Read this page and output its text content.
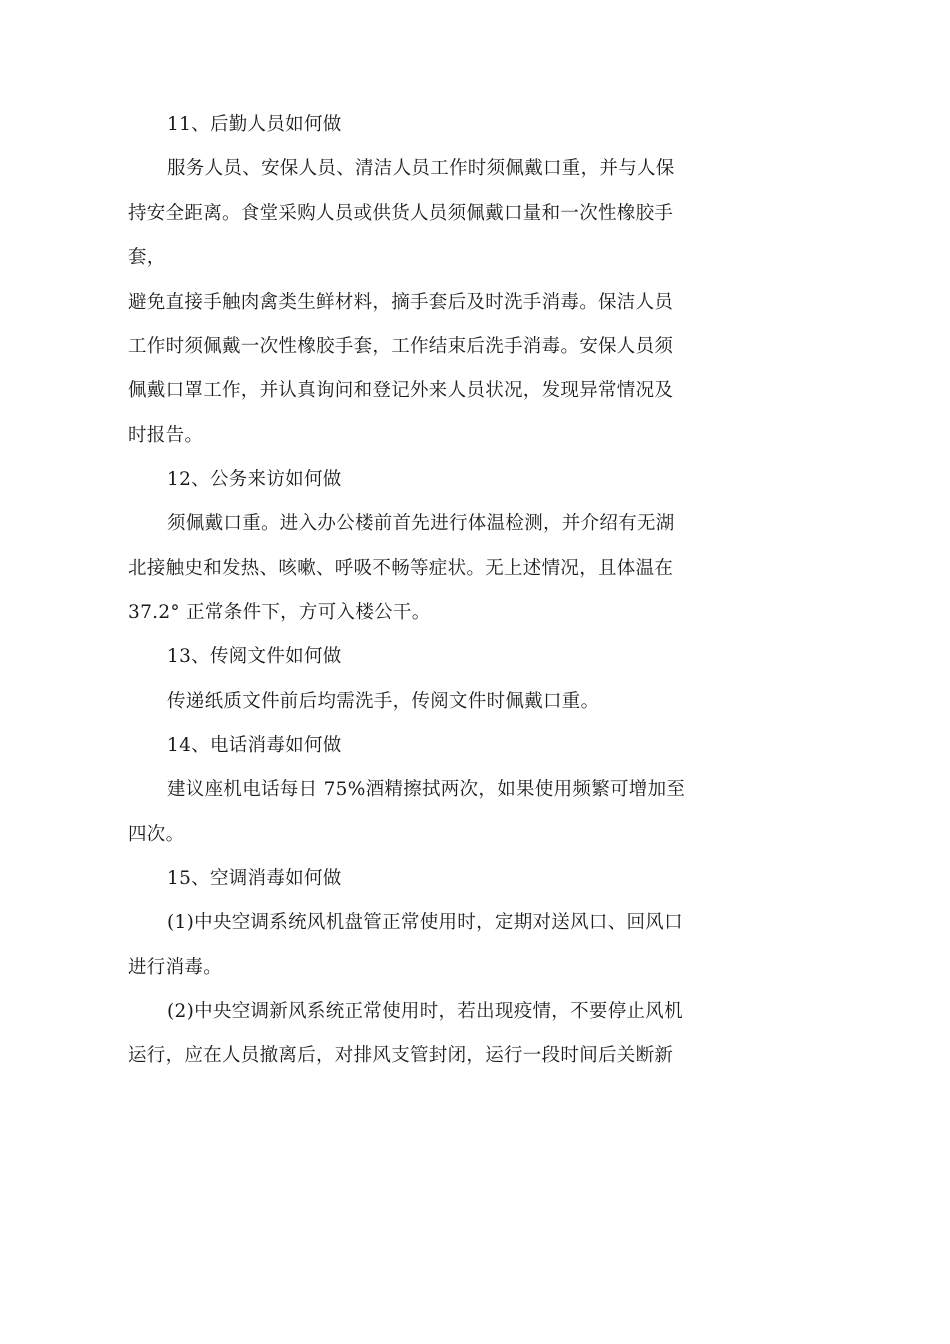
11、后勤人员如何做
服务人员、安保人员、清洁人员工作时须佩戴口重，并与人保
持安全距离。食堂采购人员或供货人员须佩戴口量和一次性橡胶手
套，
避免直接手触肉禽类生鲜材料，摘手套后及时洗手消毒。保洁人员
工作时须佩戴一次性橡胶手套，工作结束后洗手消毒。安保人员须
佩戴口罩工作，并认真询问和登记外来人员状况，发现异常情况及
时报告。
12、公务来访如何做
须佩戴口重。进入办公楼前首先进行体温检测，并介绍有无湖
北接触史和发热、咳嗽、呼吸不畅等症状。无上述情况，且体温在
37.2° 正常条件下，方可入楼公干。
13、传阅文件如何做
传递纸质文件前后均需洗手，传阅文件时佩戴口重。
14、电话消毒如何做
建议座机电话每日 75%酒精擦拭两次，如果使用频繁可增加至
四次。
15、空调消毒如何做
(1)中央空调系统风机盘管正常使用时，定期对送风口、回风口
进行消毒。
(2)中央空调新风系统正常使用时，若出现疫情，不要停止风机
运行，应在人员撤离后，对排风支管封闭，运行一段时间后关断新
